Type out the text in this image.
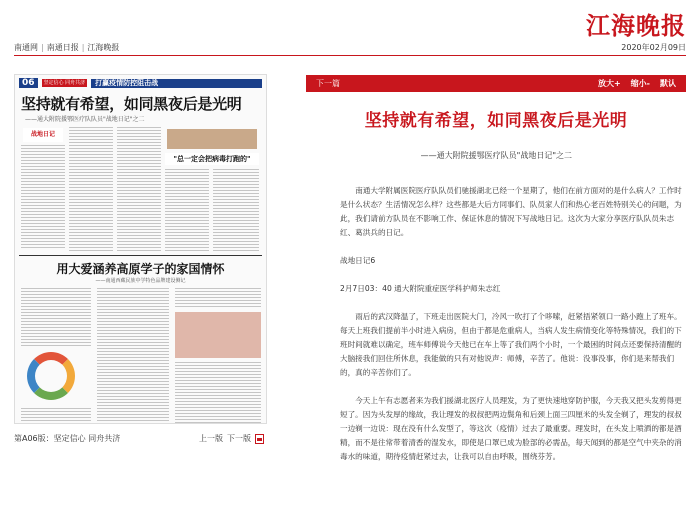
江海晚报
南通网 | 南通日报 | 江海晚报	2020年02月09日
06	坚定信心 同舟共济	打赢疫情防控阻击战
坚持就有希望，如同黑夜后是光明
——通大附院援鄂医疗队队员"战地日记"之二
战地日记
"总一定会把病毒打跑的"
用大爱涵养高原学子的家国情怀
——南通西藏民族中学特色品牌建设侧记
第A06版：坚定信心 同舟共济	上一版 下一版
下一篇	放大+ 缩小- 默认
坚持就有希望，如同黑夜后是光明
——通大附院援鄂医疗队员"战地日记"之二

南通大学附属医院医疗队队员们驰援湖北已经一个星期了，他们在前方面对的是什么病人？工作时是什么状态？生活情况怎么样？这些都是大后方同事们、队员家人们和热心老百姓特别关心的问题，为此，我们请前方队员在不影响工作、保证休息的情况下写战地日记。这次为大家分享医疗队队员朱志红、葛洪兵的日记。

战地日记6

2月7日03：40 通大附院重症医学科护师朱志红

雨后的武汉降温了，下班走出医院大门，冷风一吹打了个哆嗦，赶紧捂紧领口一路小跑上了班车。每天上班我们提前半小时进入病房，但由于都是危重病人，当病人发生病情变化等特殊情况，我们的下班时间就难以确定，班车师傅说今天他已在车上等了我们两个小时，一个最困的时间点还要保持清醒的大脑接我们回住所休息，我能做的只有对他说声：师傅，辛苦了。他说：没事没事，你们是来帮我们的，真的辛苦你们了。

今天上午有志愿者来为我们援湖北医疗人员理发，为了更快速地穿防护服，今天我又把头发剪得更短了。因为头发厚的缘故，我让理发的叔叔把两边鬓角和后颈上面三四厘米的头发全剃了，理发的叔叔一边剃一边说：现在没有什么发型了，等这次（疫情）过去了最重要。理发时，在头发上喷洒的都是酒精，而不是往常带着清香的湿发水，即使是口罩已成为脸部的必需品，每天闻到的都是空气中夹杂的消毒水的味道，期待疫情赶紧过去，让我可以自由呼吸，围绕芬芳。
